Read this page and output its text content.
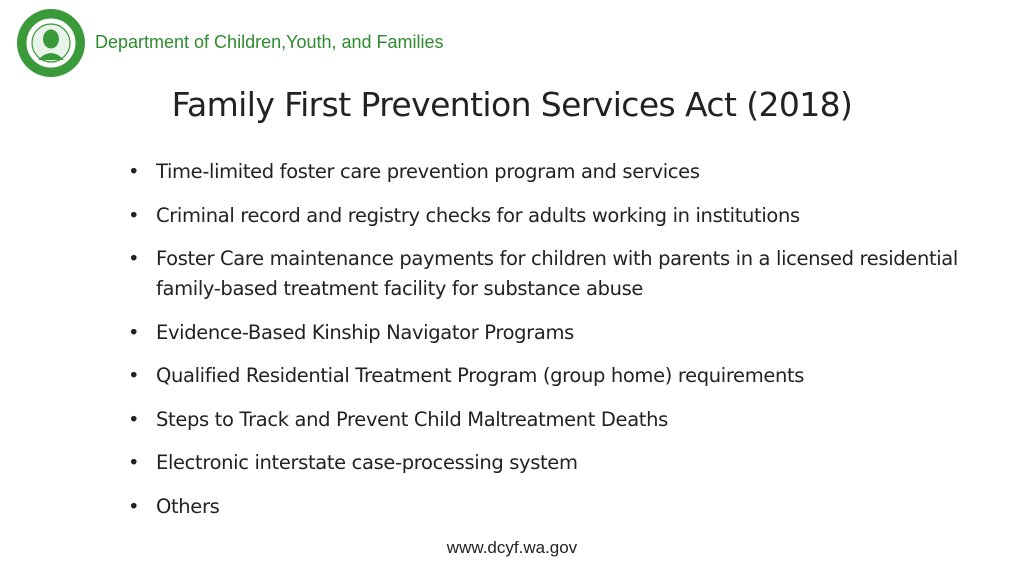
Department of Children,Youth, and Families
Family First Prevention Services Act (2018)
• Time-limited foster care prevention program and services
• Criminal record and registry checks for adults working in institutions
• Foster Care maintenance payments for children with parents in a licensed residential family-based treatment facility for substance abuse
• Evidence-Based Kinship Navigator Programs
• Qualified Residential Treatment Program (group home) requirements
• Steps to Track and Prevent Child Maltreatment Deaths
• Electronic interstate case-processing system
• Others
www.dcyf.wa.gov
